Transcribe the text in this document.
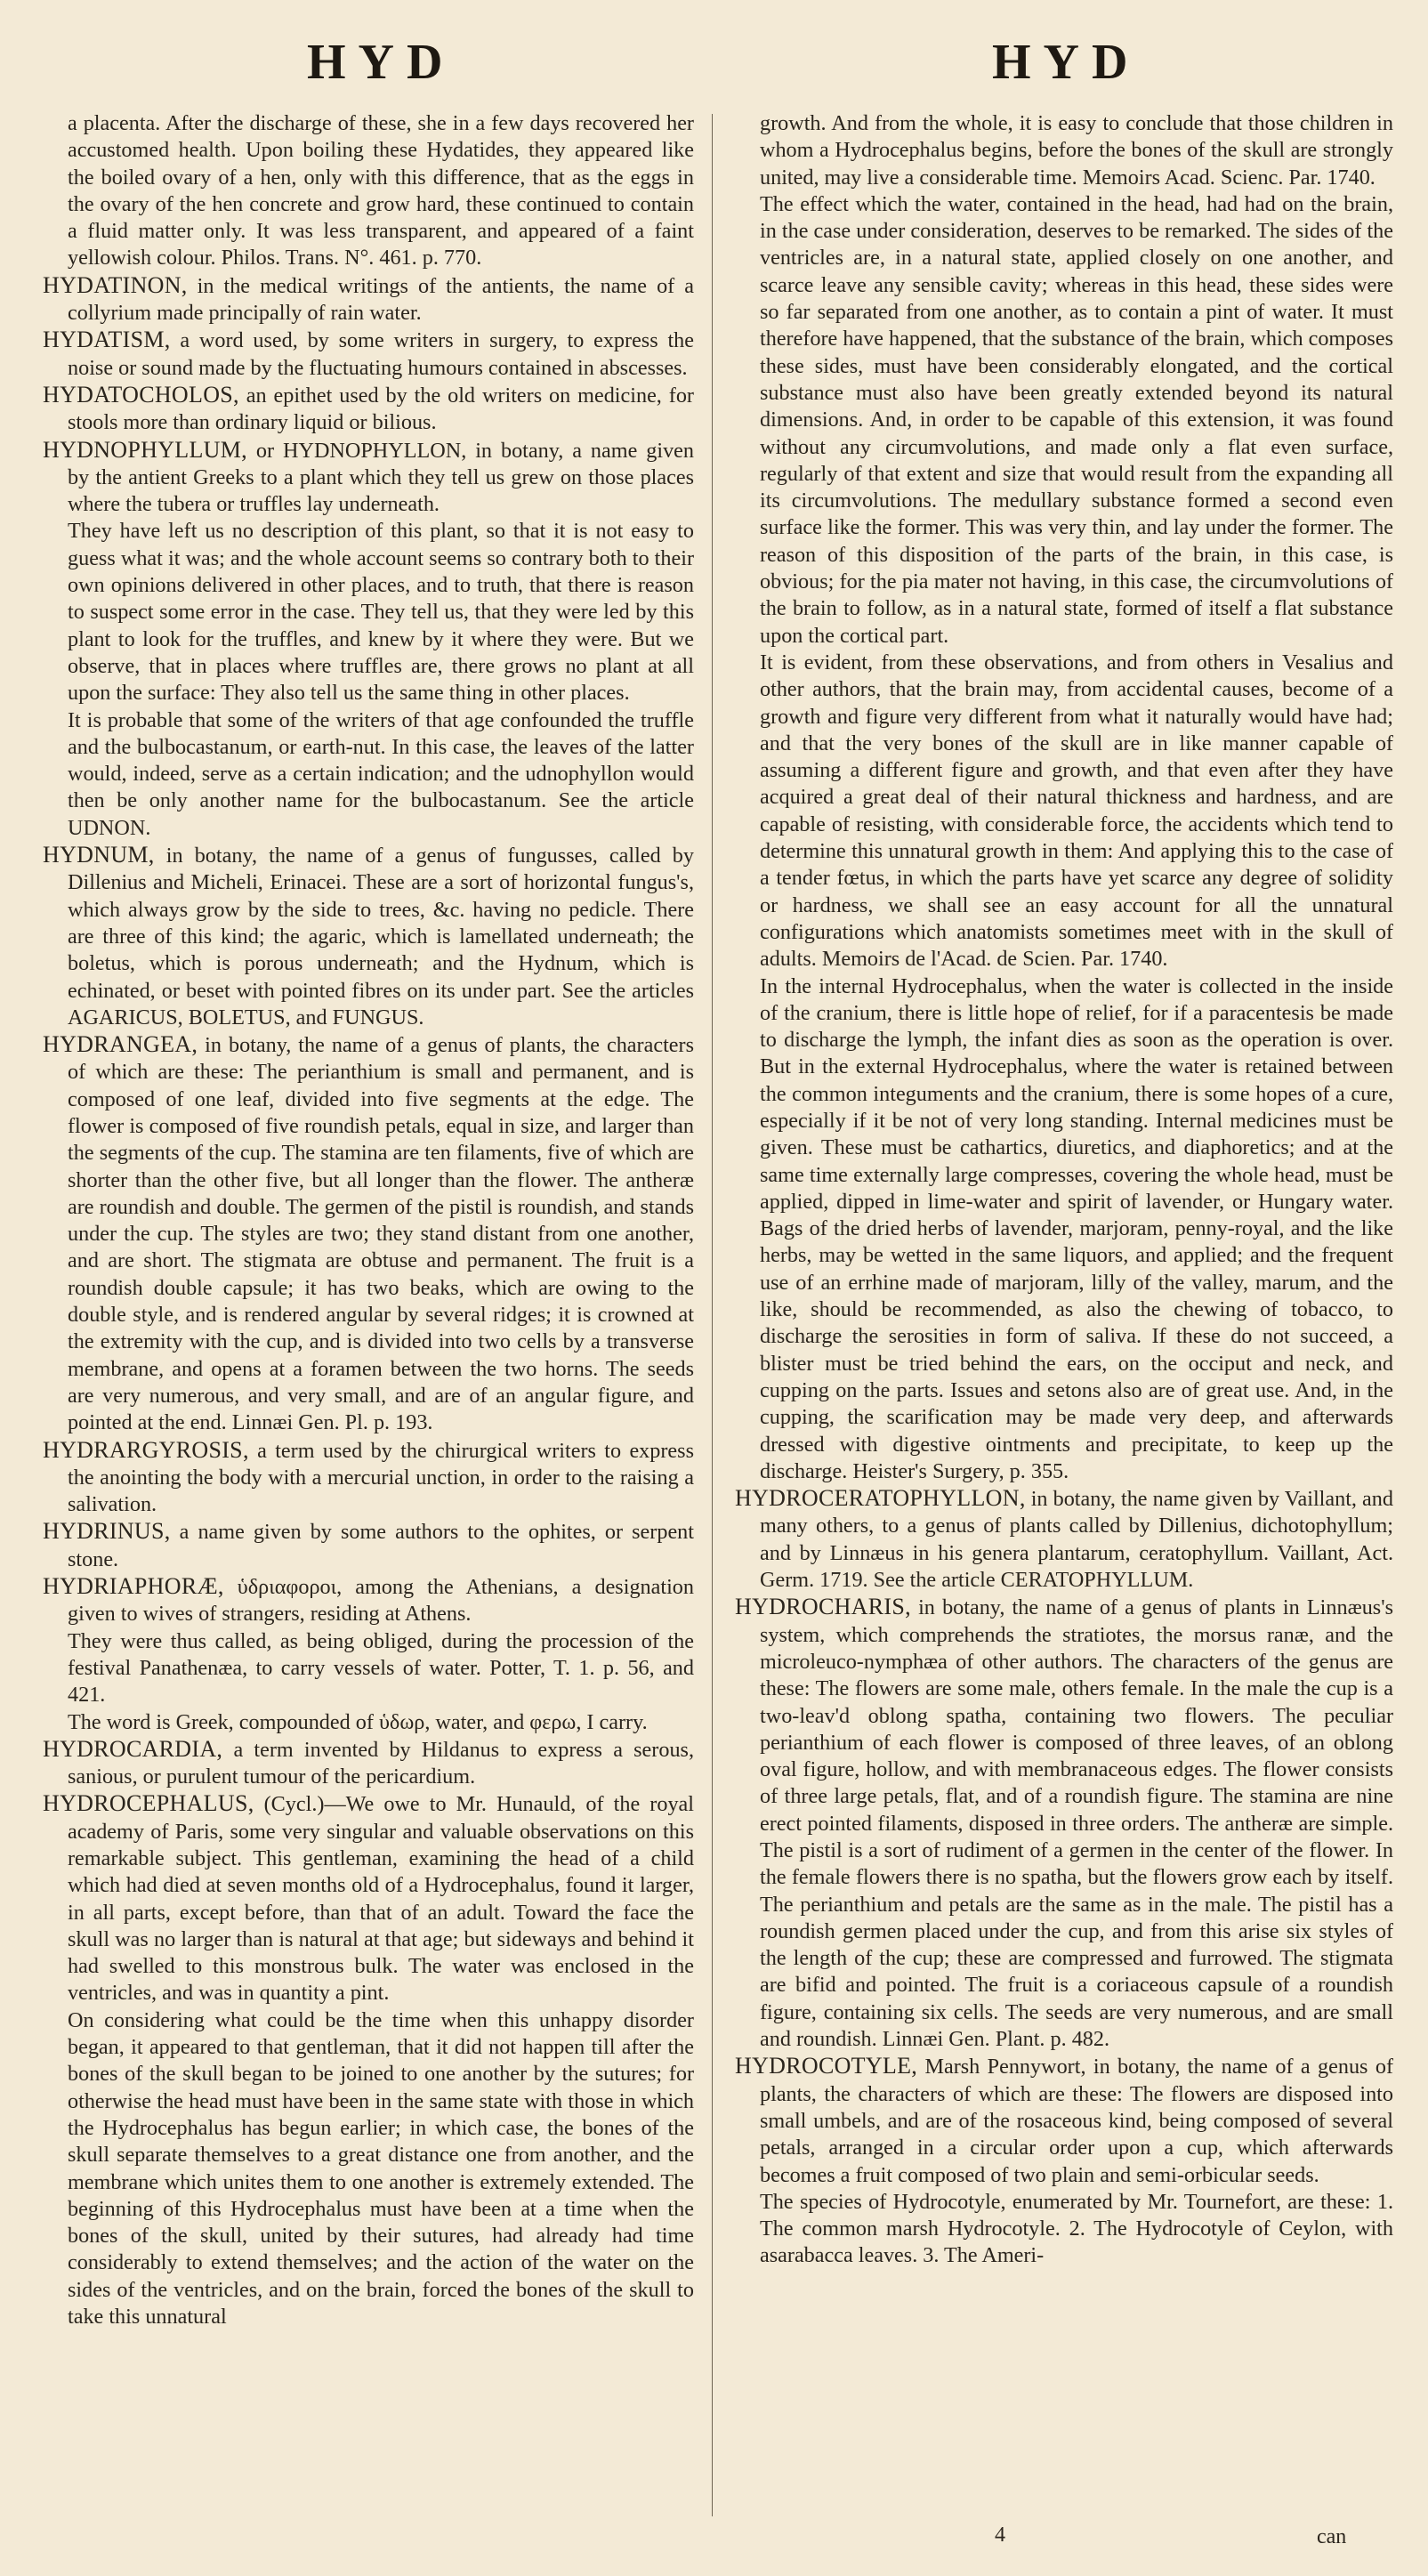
HYD	HYD

a placenta. After the discharge of these, she in a few days recovered her accustomed health. Upon boiling these Hydatides, they appeared like the boiled ovary of a hen, only with this difference, that as the eggs in the ovary of the hen concrete and grow hard, these continued to contain a fluid matter only. It was less transparent, and appeared of a faint yellowish colour. Philos. Trans. N°. 461. p. 770.

HYDATINON, in the medical writings of the antients, the name of a collyrium made principally of rain water.

HYDATISM, a word used, by some writers in surgery, to express the noise or sound made by the fluctuating humours contained in abscesses.

HYDATOCHOLOS, an epithet used by the old writers on medicine, for stools more than ordinary liquid or bilious.

HYDNOPHYLLUM, or HYDNOPHYLLON, in botany, a name given by the antient Greeks to a plant which they tell us grew on those places where the tubera or truffles lay underneath.

They have left us no description of this plant, so that it is not easy to guess what it was; and the whole account seems so contrary both to their own opinions delivered in other places, and to truth, that there is reason to suspect some error in the case. They tell us, that they were led by this plant to look for the truffles, and knew by it where they were. But we observe, that in places where truffles are, there grows no plant at all upon the surface: They also tell us the same thing in other places.

It is probable that some of the writers of that age confounded the truffle and the bulbocastanum, or earth-nut. In this case, the leaves of the latter would, indeed, serve as a certain indication; and the udnophyllon would then be only another name for the bulbocastanum. See the article UDNON.

HYDNUM, in botany, the name of a genus of fungusses, called by Dillenius and Micheli, Erinacei. These are a sort of horizontal fungus's, which always grow by the side to trees, &c. having no pedicle. There are three of this kind; the agaric, which is lamellated underneath; the boletus, which is porous underneath; and the Hydnum, which is echinated, or beset with pointed fibres on its under part. See the articles AGARICUS, BOLETUS, and FUNGUS.

HYDRANGEA, in botany, the name of a genus of plants, the characters of which are these: The perianthium is small and permanent, and is composed of one leaf, divided into five segments at the edge. The flower is composed of five roundish petals, equal in size, and larger than the segments of the cup. The stamina are ten filaments, five of which are shorter than the other five, but all longer than the flower. The antheræ are roundish and double. The germen of the pistil is roundish, and stands under the cup. The styles are two; they stand distant from one another, and are short. The stigmata are obtuse and permanent. The fruit is a roundish double capsule; it has two beaks, which are owing to the double style, and is rendered angular by several ridges; it is crowned at the extremity with the cup, and is divided into two cells by a transverse membrane, and opens at a foramen between the two horns. The seeds are very numerous, and very small, and are of an angular figure, and pointed at the end. Linnæi Gen. Pl. p. 193.

HYDRARGYROSIS, a term used by the chirurgical writers to express the anointing the body with a mercurial unction, in order to the raising a salivation.

HYDRINUS, a name given by some authors to the ophites, or serpent stone.

HYDRIAPHORÆ, ὑδριαφοροι, among the Athenians, a designation given to wives of strangers, residing at Athens.

They were thus called, as being obliged, during the procession of the festival Panathenæa, to carry vessels of water. Potter, T. 1. p. 56, and 421.

The word is Greek, compounded of ὑδωρ, water, and φερω, I carry.

HYDROCARDIA, a term invented by Hildanus to express a serous, sanious, or purulent tumour of the pericardium.

HYDROCEPHALUS, (Cycl.)—We owe to Mr. Hunauld, of the royal academy of Paris, some very singular and valuable observations on this remarkable subject. This gentleman, examining the head of a child which had died at seven months old of a Hydrocephalus, found it larger, in all parts, except before, than that of an adult. Toward the face the skull was no larger than is natural at that age; but sideways and behind it had swelled to this monstrous bulk. The water was enclosed in the ventricles, and was in quantity a pint.

On considering what could be the time when this unhappy disorder began, it appeared to that gentleman, that it did not happen till after the bones of the skull began to be joined to one another by the sutures; for otherwise the head must have been in the same state with those in which the Hydrocephalus has begun earlier; in which case, the bones of the skull separate themselves to a great distance one from another, and the membrane which unites them to one another is extremely extended. The beginning of this Hydrocephalus must have been at a time when the bones of the skull, united by their sutures, had already had time considerably to extend themselves; and the action of the water on the sides of the ventricles, and on the brain, forced the bones of the skull to take this unnatural

growth. And from the whole, it is easy to conclude that those children in whom a Hydrocephalus begins, before the bones of the skull are strongly united, may live a considerable time. Memoirs Acad. Scienc. Par. 1740.

The effect which the water, contained in the head, had had on the brain, in the case under consideration, deserves to be remarked. The sides of the ventricles are, in a natural state, applied closely on one another, and scarce leave any sensible cavity; whereas in this head, these sides were so far separated from one another, as to contain a pint of water. It must therefore have happened, that the substance of the brain, which composes these sides, must have been considerably elongated, and the cortical substance must also have been greatly extended beyond its natural dimensions. And, in order to be capable of this extension, it was found without any circumvolutions, and made only a flat even surface, regularly of that extent and size that would result from the expanding all its circumvolutions. The medullary substance formed a second even surface like the former. This was very thin, and lay under the former. The reason of this disposition of the parts of the brain, in this case, is obvious; for the pia mater not having, in this case, the circumvolutions of the brain to follow, as in a natural state, formed of itself a flat substance upon the cortical part.

It is evident, from these observations, and from others in Vesalius and other authors, that the brain may, from accidental causes, become of a growth and figure very different from what it naturally would have had; and that the very bones of the skull are in like manner capable of assuming a different figure and growth, and that even after they have acquired a great deal of their natural thickness and hardness, and are capable of resisting, with considerable force, the accidents which tend to determine this unnatural growth in them: And applying this to the case of a tender fœtus, in which the parts have yet scarce any degree of solidity or hardness, we shall see an easy account for all the unnatural configurations which anatomists sometimes meet with in the skull of adults. Memoirs de l'Acad. de Scien. Par. 1740.

In the internal Hydrocephalus, when the water is collected in the inside of the cranium, there is little hope of relief, for if a paracentesis be made to discharge the lymph, the infant dies as soon as the operation is over. But in the external Hydrocephalus, where the water is retained between the common integuments and the cranium, there is some hopes of a cure, especially if it be not of very long standing. Internal medicines must be given. These must be cathartics, diuretics, and diaphoretics; and at the same time externally large compresses, covering the whole head, must be applied, dipped in lime-water and spirit of lavender, or Hungary water. Bags of the dried herbs of lavender, marjoram, penny-royal, and the like herbs, may be wetted in the same liquors, and applied; and the frequent use of an errhine made of marjoram, lilly of the valley, marum, and the like, should be recommended, as also the chewing of tobacco, to discharge the serosities in form of saliva. If these do not succeed, a blister must be tried behind the ears, on the occiput and neck, and cupping on the parts. Issues and setons also are of great use. And, in the cupping, the scarification may be made very deep, and afterwards dressed with digestive ointments and precipitate, to keep up the discharge. Heister's Surgery, p. 355.

HYDROCERATOPHYLLON, in botany, the name given by Vaillant, and many others, to a genus of plants called by Dillenius, dichotophyllum; and by Linnæus in his genera plantarum, ceratophyllum. Vaillant, Act. Germ. 1719. See the article CERATOPHYLLUM.

HYDROCHARIS, in botany, the name of a genus of plants in Linnæus's system, which comprehends the stratiotes, the morsus ranæ, and the microleuco-nymphæa of other authors. The characters of the genus are these: The flowers are some male, others female. In the male the cup is a two-leav'd oblong spatha, containing two flowers. The peculiar perianthium of each flower is composed of three leaves, of an oblong oval figure, hollow, and with membranaceous edges. The flower consists of three large petals, flat, and of a roundish figure. The stamina are nine erect pointed filaments, disposed in three orders. The antheræ are simple. The pistil is a sort of rudiment of a germen in the center of the flower. In the female flowers there is no spatha, but the flowers grow each by itself. The perianthium and petals are the same as in the male. The pistil has a roundish germen placed under the cup, and from this arise six styles of the length of the cup; these are compressed and furrowed. The stigmata are bifid and pointed. The fruit is a coriaceous capsule of a roundish figure, containing six cells. The seeds are very numerous, and are small and roundish. Linnæi Gen. Plant. p. 482.

HYDROCOTYLE, Marsh Pennywort, in botany, the name of a genus of plants, the characters of which are these: The flowers are disposed into small umbels, and are of the rosaceous kind, being composed of several petals, arranged in a circular order upon a cup, which afterwards becomes a fruit composed of two plain and semi-orbicular seeds.

The species of Hydrocotyle, enumerated by Mr. Tournefort, are these: 1. The common marsh Hydrocotyle. 2. The Hydrocotyle of Ceylon, with asarabacca leaves. 3. The Ameri-

4	can
